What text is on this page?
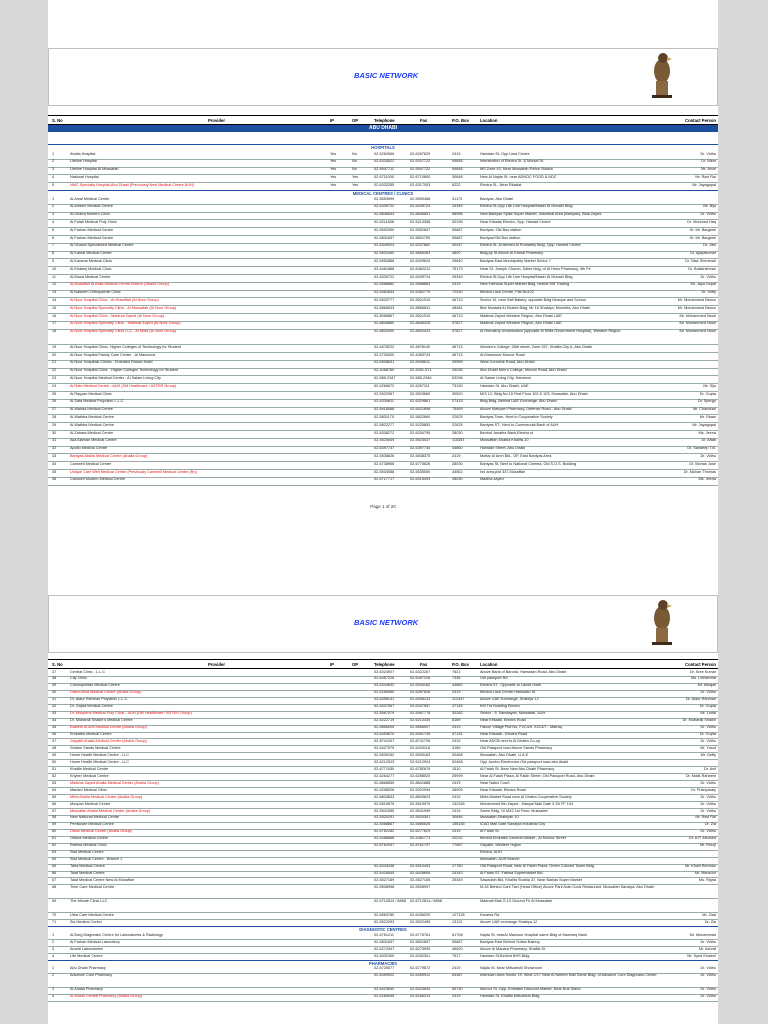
BASIC NETWORK
S. No	Provider	IP	OP	Telephone	Fax	P.O. Box	Location	Contact Person
ABU DHABI
HOSPITALS
1	Ahalia Hospital	Yes	No	02-6262666	02-6267829	2419	Hamdan St.,Opp.Liwa Centre	Dr. Vidhu
2	Lifeline Hospital	Yes	No	02-6333522	02-6337722	94846	Intersection of Electra St. & Mursal St.	Dr. Nizar
3	Lifeline Hospital Al Mussafah	Yes	No	02-5547711	02-5547722	94846	MS Zone 43, Near Mussafah Police Station	Mr. Arvin
4	National Hospital	Yes	Yes	02-6711000	02-6710600	30648	New Al Najda St. near ADNOC FOOD & NDC	Mr. Ravi Rai
5	NMC Specialty Hospital,Abu Dhabi (Previously New Medical Centre AUH)	Yes	Yes	02-6332255	02-6317003	6222	Electra St., Near Etisalat	Mr. Jayagopal
MEDICAL CENTRES / CLINICS
1	Al Amal Medical Center	02-5553999	02-5559468	31173	Baniyas, Abu Dhabi
2	Al Ameen Medical Centre	02-6339722	02-6339724	25349	Electra St,Opp Life Line Hospital/Naser Al Munairi Bldg	Mr. Biju
3	Al Dhafra Modern Clinic	02-8846633	02-8846851	58996	New Baniyas Spike Super Market, Industrial Area (Baniyas), Bida Zayed	Dr. Vidhu
4	Al Falah Medical Poly Clinic	02-6211838	02-6213358	30196	Near Etisalat Electra, Opp. Hamad Centre	Dr. Mohmed Haq
5	Al Farhan Medical Centre	02-5552990	02-5552607	55687	Baniyas, Old Bus station	Dr. Mr. Bargesh
6	Al Farhan Medical Centre	02-5831637	02-5831759	55687	Baniyas/Old Bus station	Dr. Mr. Bargesh
7	Al Ghazal Specialized Medical Centre	02-6349024	02-6337862	30247	Electra St, Al Ahmed Al Rumaithy Bldg, Opp. Hamed Centre	Dr. Jibu
8	Al Kamal Medical Center	02-5631060	02-5656263	4800	Bldg,by St Above Al Kamal Pharmacy	Dr. Ajayakumar
9	Al Karama Medical Clinic	02-5552888	02-6329625	25640	Baniyas East Municipality Market Sector 7	Dr. Niaz Shershah
10	Al Khaleej Medical Clinic	02-6461888	02-6462212	75173	Near St. Joseph Church, Salee bldg, of Al Hosn Pharmacy, 4th Flr	Dr. Balakrishnan
11	Al Mana Medical Centre	02-6339722	02-6339724	25349	Electra St,Opp Life Line Hospital/Naser Al Munairi Bldg	Dr. Vidhu
12	Al Musaffah Al Ahlia Medical Centre Branch (Ahalia Group)	02-5588882	02-5588883	2419	New Farhana Super Market Bldg, beside KM Trading	Mr. Jaya Gopal
13	Al Naseem Orthopaedic Clinic	02-6362834	02-6362779	72530	Behind Liwa Centre, Flat No102	Dr. Setty
14	Al Noor Hospital Clinic - Al Musaffah (Al Noor Group)	02-5520777	02-5521010	46713	Sector 10, near Saif Bakery, opposite Bldg Mosque and School	Mr. Mohammed Benzo
15	Al Noor Hospital Specialty Clinic - Al Mussafah (Al Noor Group)	02-8866633	02-8866631	48481	Bldr Mustafa Al Khaled Bldg, Mr 16 Shabiya, Mushrifa, Abu Dhabi	Mr. Mohammed Benzo
16	Al Noor Hospital Clinic - Madinat Zayed (Al Noor Group)	02-8066867	02-5521010	46713	Madinat Zayed Western Region, Abu Dhabi UAE	Mr. Mohammed Nauri
17	Al Noor Hospital Specialty Clinic - Madinat Zayed (Al Noor Group)	02-8846860	02-8846326	57827	Madinat Zayed Western Region, Abu Dhabi UAE	Mr. Mohammed Nauri
18	Al Noor Hospital Specialty Clinic LLC - Al Mirfa (Al Noor Group)	02-8832000	02-8832424	57827	Al Humaithy Urbanization (opposite Al Mirfa Government Hospital), Western Region	Mr. Mohammed Nauri
19	Al Noor Hospital Clinic, Higher Colleges of Technology for Student	02-4678222	02-4678140	46713	Women's College, 26th street, Zone 337, Khalifa City A, Abu Dhabi
20	Al Noor Hospital Family Care Center - Al Mamoora	02-4734000	02-4083743	46713	Al Mamoura/ Muroor Road
21	Al Noor Hospitals Clinics - Emirates Palace Hotel	02-6908631	02-6908611	39999	West Corniche Road, Abu Dhabi
22	Al Noor Hospital Clinic - Higher Colleges Technology for Student	02-4068760	02-4051-571	25035	Abu Dhabi Men's College, Muroor Road, Abu Dhabi
23	Al Noor Hospital Medical Center - Al Salam Living City	02-585-2347	02-585-2346	63296	Al Salam Living City, Hameem
24	Al Rafa Medical Centre - AUH (SM Healthcare / ASTER Group)	02-6266672	02-6267111	73130	Hamdan St. Abu Dhabi, UAE	Mr. Siju
25	Al Rayyan Medical Clinic	02-5522067	02-5523669	30520	M/S 12, Bldg No.15 First Floor 102 & 103, Mussafah, Abu Dhabi	Dr. Gupta
26	Al Safa Medical Polyclinic L.L.C.	02-6339811	02-6329861	27415	Bldg Bldg, Behind UAE Exchange, Abu Dhabi	Dr. Spergo
27	Al Wahda Medical Centre	02-6418088	02-6421898	75469	Above Mariyam Pharmacy, Defense Road - Abu Dhabi	Mr. Chandran
28	Al Wathba Medical Centre	02-5831170	02-5822660	22625	Baniyas Town, Next to Cooperative Society	Mr. Riaan
29	Al Wathba Medical Centre	02-5822277	02-5225853	22625	Baniyas ST., Next to Commercial Bank of AUH	Mr. Jayagopal
30	Al Zahara Medical Centre	02-6338272	02-6334795	28030	Behind Janatha Bank,Electra st.	Ms. Jeena
31	Alia Alaman Medical Centre	02-5525549	02-5523437	115353	Mussaffah,Shabia Khalifa-10	Dr. Aftab
32	Apollo Medical Centre	02-6397737	02-6397745	44860	Hamdan Street, Abu Dhabi	Dr. Sandeep T.B.
33	Baniyas Ahalia Medical Centre (Ahalia Group)	02-5838626	02-5838375	2419	Muftar Al Amri Bld., GF, East Baniyas Area	Dr. Vidhu
34	Camwell Medical Center	02-6738966	02-6773626	28030	Baniyas St, Next to National Cinema, Old S.O.S. Building	Dr. Mohan Jose
35	Unique Care Well Medical Centre (Previously Camwell Medical Centre (Br))	02-5534588	02-5535500	44562	Ind area,plot 337,Musaffah	Dr. Mohan Thomas
36	Camwell Modern Medical Centre	02-6717717	02-6315493	28030	Madina zayed	Ms. Jeena
Page 1 of 20
BASIC NETWORK
S. No	Provider	IP	OP	Telephone	Fax	P.O. Box	Location	Contact Person
37	Central Clinic - L.L.C	02-6324907	02-6322267	7621	Above Bank of Baroda, Hamadan Road, Abu Dhabi	Dr. Sree Kumar
38	City Clinic	02-6457226	02-6457226	7336	Old passport Rd.	Ms. Leelamma
39	Cosmopolitan Medical Centre	02-6334632	02-6334162	44882	Electra ST., Opposite to Lands Hotel	Mr. Albajali
40	Dawn Ahlia Medical Centre (Ahalia Group)	02-6266080	02-6267828	2419	Behind Liwa Centre,Hamadan St	Dr. Vidhu
41	Dr. Ataur Rahman Polyclinic L.L.C.	02-6398131	02-6398131	112447	Above UAE Exchange, Shabiya 12	Dr. Ataur Rahman
42	Dr. Gupta Medical Centre	02-6337557	02-6337557	47145	KM Trd Building Electra	Dr. Gupta
43	Dr. Moopens Medical Poly Clinic - AUH (DM Healthcare / ASTER Group)	02-5567079	02-5567776	30282	Sector - 9, Samaayah, Mussafah, AUH	Mr. Linda
44	Dr. Mubarak Shaikh's Medical Centre	02-6222719	02-6213435	8189	Near Etisalat, Electra Road	Dr. Mubarak Shaikh
45	Eastern Al Ahli Medical Centre (Ahalia Group)	02-5856005	02-5856007	2419	Falcon Village Plot No, F2C4/5, X2C4/7 - Mafraq	Dr. Vidhu
46	Emirates Medical Centre	02-6453670	02-6451745	47131	Near Etisalat - Electra Road	Dr. Gupta
47	Gayathi Ahalia Medical Center (Ahalia Group)	02-8741267	02-8741705	2419	Near ADCB next to Al Dhafra Co-op	Dr. Vidhu
48	Golden Sands Medical Centre	02-6427575	02-6420118	3189	Old Passport road Above Sands Pharmacy	Mr. Yusuf
49	Home Health Medical Centre - LLC	02-5530162	02-5530163	52468	Mussafah, Abu Dhabi, U.A.E	Mr. Geffy
50	Home Health Medical Centre - LLC	02-6212923	02-6212924	52468	Opp Jumbo Electronics Old passport road abu dhabi
51	Khalifa Medical Centre	02-6771030	02-6782679	1510	Al Falah St. Near New Abu Dhabi Pharmacy	Dr. Asif
52	Khyber Medical Centre	02-6264277	02-6258020	26999	Near Al Falah Plaza, Al Falah Street, Old Passport Road, Abu Dhabi	Dr. Malik Raheem
53	Madinat Zayed Ahalia Medical Center (Ahalia Group)	02-8868655	02-8841888	2419	Near Nabni Court	Dr. Vidhu
54	Mariam Medical Clinic	02-6298026	02-6322094	26905	Near Etisalat, Electra Road	Dr. Pushparaly
55	Mirfa Ahalia Medical Center (Ahalia Group)	02-8833633	02-8833623	2419	Mirfa Market Road near Al Dhafra Cooperative Society	Dr. Vidhu
56	Moopan Medical Centre	02-5519979	02-5519979	132326	Mohammed Bin Zayed - Manyal Mall Gate 3 Sh FF 104	Dr. Vidhu
57	Mussafah Ahalia Medical Center (Ahalia Group)	02-5541555	02-5541999	2419	Saree Bldg, 10 M42 1st Floor, Mussafah	Dr. Vidhu
58	New National Medical Centre	02-5520291	02-5520301	30646	Mussafah,Shabiyah 10	Mr. Ravi Rai
59	Pentacare Medical Centre	02-5588867	02-5585526	158155	ICAD Mall Gate Sanaiya Industrial City	Dr. Zia
60	Oasis Medical Centre (Ahalia Group)	02-6762282	02-6277629	2419	Al Falah St.	Dr. Vidhu
61	Ostora Medical Centre	02-4486666	02-4481771	20232	Behind Emirates General Market - Al Muroor Street	Dr. A.P. Allumed
62	Rahma Medical Clinic	02-8762937	02-8761797	77667	Gayathi, Western region	Mr. Rmzy
63	Star Medical Centre	Electra, AUH
64	Star Medical Centre - Branch 1	Mussafah, AUH Branch
65	Taha Medical Centre	02-6343438	02-6910453	27750	Old Passport Road, near Al Falah Plaza, Green Colored Tower Bldg.	Mr. Khalil Rehman
66	Talat Medical Centre	02-6426545	02-6426606	24343	Al Falah ST, Fatima Supermarket Bld.	Mr. Manzoor
67	Talat Medical Centre New Al Musaffah	02-5527189	02-5527165	25349	Sawadain Bld, Khalifa Shabia 37, Near Banias Super Market	Ms. Rigna
68	Time Care Medical Centre	02-5508998	02-5508997	M-26 Behind Care Taxi (Head Office) Above Park Arab Cook Restaurant, Mussafah Sanaiya, Abu Dhabi
69	The Minute Clinic LLC	02-6712814 / 6868	02-6712814 / 6868	Marinati Mall G-13 Ground Flr Al Mussafah
70	Ultra Care Medical Centre	02-6563780	02-6436200	127126	Karama Rd.	Mr. Ziad
71	Zia Medical Center	02-5522293	02-5522495	13112	Above UAE exchange Shabiya 12	Dr. Zia
DIAGNOSTIC CENTRES
1	Al Borg Diagnostic Centre for Laboratories & Radiology	02-6761211	02-6776781	61708	Najda St. nearAl Mansour Hospital same Bldg of Mashreq Bank	Mr. Muhammad
2	Al Farhan Medical Laboratory	02-5831637	02-5831657	55687	Baniyas East Behind Sultan Bakery	Dr. Vidhu
3	Amedi Laboratories	02-6274347	02-6273999	46620	Above Al Manara Pharmacy, Khalifa St	Mr. Ashraf
4	Life Medical Centre	02-6332300	02-6332301	7917	Hamdan St,Behind BHS Bldg	Mr. Syed Khaleel
PHARMACIES
1	Abu Dhabi Pharmacy	02-6725577	02-6779872	2419	Najda St. Near Mitsubishi Showroom	Dr. Vidhu
2	Advance Cure Pharmacy	02-6359922	02-6359912	63387	Intertown Area Sector 19, West 2/17 Near Al Neteen Mall Same Bldg. of Advance Cure Diagnostic Center	Dr. Vidhu
3	Al Ahalia Pharmacy	02-6423640	02-6423644	55730	Muroor St. Opp. Emirates Discount Market, Near Bus Stand	Dr. Vidhu
4	Al Ahalia Central Pharmacy (Ahalia Group)	02-6269545	02-6266313	2419	Hamdan St. Khalifa Mitsubishi Bldg.	Dr. Vidhu
